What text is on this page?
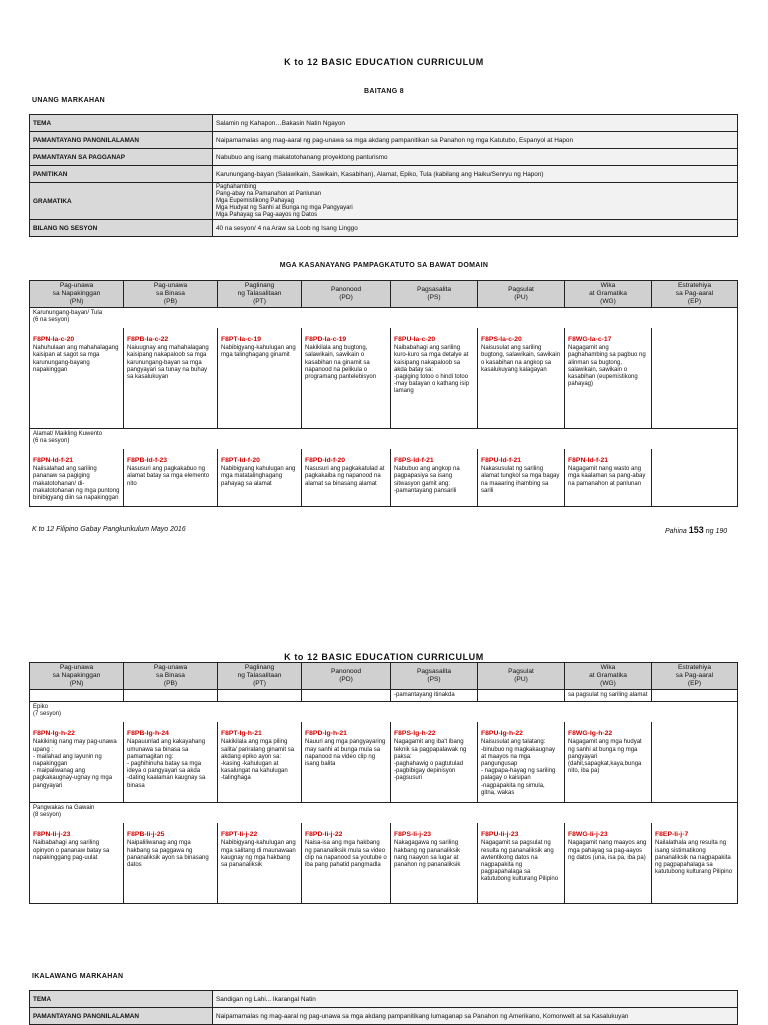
K to 12 BASIC EDUCATION CURRICULUM
BAITANG 8
UNANG MARKAHAN
TEMA	Salamin ng Kahapon…Bakasin Natin Ngayon
PAMANTAYANG PANGNILALAMAN	Naipamamalas ang mag-aaral ng pag-unawa sa mga akdang pampanitikan sa Panahon ng mga Katutubo, Espanyol at Hapon
PAMANTAYAN SA PAGGANAP	Nabubuo ang isang makatotohanang proyektong panturismo
PANITIKAN	Karunungang-bayan (Salawikain, Sawikain, Kasabihan), Alamat, Epiko, Tula (kabilang ang Haiku/Senryu ng Hapon)
GRAMATIKA	Paghahambing
Pang-abay na Pamanahon at Panlunan
Mga Eupemistikong Pahayag
Mga Hudyat ng Sanhi at Bunga ng mga Pangyayari
Mga Pahayag sa Pag-aayos ng Datos
BILANG NG SESYON	40 na sesyon/ 4 na Araw sa Loob ng Isang Linggo
MGA KASANAYANG PAMPAGKATUTO SA BAWAT DOMAIN
Pag-unawa
sa Napakinggan
(PN)	Pag-unawa
sa Binasa
(PB)	Paglinang
ng Talasalitaan
(PT)	Panonood
(PD)	Pagsasalita
(PS)	Pagsulat
(PU)	Wika
at Gramatika
(WG)	Estratehiya
sa Pag-aaral
(EP)

Karunungang-bayan/ Tula
(6 na sesyon)							

F8PN-Ia-c-20
Nahuhulaan ang mahahalagang kaisipan at sagot sa mga karunungang-bayang napakinggan	F8PB-Ia-c-22
Naiuugnay ang mahahalagang kaisipang nakapaloob sa mga karunungang-bayan sa mga pangyayari sa tunay na buhay sa kasalukuyan	F8PT-Ia-c-19
Nabibigyang-kahulugan ang mga talinghagang ginamit	F8PD-Ia-c-19
Nakikilala ang bugtong, salawikain, sawikain o kasabihan na ginamit sa napanood na pelikula o programang pantelebisyon	F8PU-Ia-c-20
Naibabahagi ang sariling kuro-kuro sa mga detalye at kaisipang nakapaloob sa akda batay sa:
-pagiging totoo o hindi totoo
-may batayan o kathang isip lamang	F8PS-Ia-c-20
Naisusulat ang sariling bugtong, salawikain, sawikain o kasabihan na angkop sa kasalukuyang kalagayan	F8WG-Ia-c-17
Nagagamit ang paghahambing sa pagbuo ng alinman sa bugtong, salawikain, sawikain o kasabihan (eupemistikong pahayag)	

Alamat/ Maikling Kuwento
(6 na sesyon)							

F8PN-Id-f-21
Naiisalahad ang sariling pananaw sa pagiging makatotohanan/ di-makatotohanan ng mga puntong binibigyang diin sa napakinggan	F8PB-Id-f-23
Nasusuri ang pagkakabuo ng alamat batay sa mga elemento nito	F8PT-Id-f-20
Nabibigyang kahulugan ang mga matatalinghagang pahayag sa alamat	F8PD-Id-f-20
Nasusuri ang pagkakatulad at pagkakaiba ng napanood na alamat sa binasang alamat	F8PS-Id-f-21
Nabubuo ang angkop na pagpapasiya sa isang sitwasyon gamit ang:
-pamantayang pansarili	F8PU-Id-f-21
Nakasusulat ng sariling alamat tungkol sa mga bagay na maaaring ihambing sa sarili	F8PN-Id-f-21
Nagagamit nang wasto ang mga kaalaman sa pang-abay na pamanahon at panlunan	

K to 12 Filipino Gabay Pangkurikulum Mayo 2016	Pahina 153 ng 190
K to 12 BASIC EDUCATION CURRICULUM
Pag-unawa
sa Napakinggan
(PN)	Pag-unawa
sa Binasa
(PB)	Paglinang
ng Talasalitaan
(PT)	Panonood
(PD)	Pagsasalita
(PS)	Pagsulat
(PU)	Wika
at Gramatika
(WG)	Estratehiya
sa Pag-aaral
(EP)
				-pamantayang itinakda		sa pagsulat ng sariling alamat	

Epiko
(7 sesyon)							

F8PN-Ig-h-22
Nakikinig nang may pag-unawa upang :
- mailahad ang layunin ng napakinggan
- maipaliwanag ang pagkakaugnay-ugnay ng mga pangyayari	F8PB-Ig-h-24
Napauunlad ang kakayahang umunawa sa binasa sa pamamagitan ng:
- paghihinuha batay sa mga ideya o pangyayari sa akda
-dating kaalaman kaugnay sa binasa	F8PT-Ig-h-21
Nakikilala ang mga piling salita/ pariralang ginamit sa akdang epiko ayon sa:
-kasing -kahulugan at kasalungat na kahulugan
-talinghaga	F8PD-Ig-h-21
Nauuri ang mga pangyayaring may sanhi at bunga mula sa napanood na video clip ng isang balita	F8PS-Ig-h-22
Nagagamit ang iba't ibang teknik sa pagpapalawak ng paksa:
-paghahawig o pagtutulad
-pagbibigay depinisyon
-pagsusuri	F8PU-Ig-h-22
Naisusulat ang talatang:
-binubuo ng magkakaugnay at maayos na mga pangungusap
- nagpapa-hayag ng sariling palagay o kaisipan
-nagpapakita ng simula, gitna, wakas	F8WG-Ig-h-22
Nagagamit ang mga hudyat ng sanhi at bunga ng mga pangyayari (dahil,sapagkat,kaya,bunga nito, iba pa)	

Pangwakas na Gawain
(8 sesyon)							

F8PN-Ii-j-23
Naibabahagi ang sariling opinyon o pananaw batay sa napakinggang pag-uulat	F8PB-Ii-j-25
Naipaliliwanag ang mga hakbang sa paggawa ng pananaliksik ayon sa binasang datos	F8PT-Ii-j-22
Nabibigyang-kahulugan ang mga salitang di maunawaan kaugnay ng mga hakbang sa pananaliksik	F8PD-Ii-j-22
Naisa-isa ang mga hakbang ng pananaliksik mula sa video clip na napanood sa youtube o iba pang pahatid pangmadla	F8PS-Ii-j-23
Nakagagawa ng sariling hakbang ng pananaliksik nang naayon sa lugar at panahon ng pananaliksik	F8PU-Ii-j-23
Nagagamit sa pagsulat ng resulta ng pananaliksik ang awtentikong datos na nagpapakita ng pagpapahalaga sa katutubong kulturang Pilipino	F8WG-Ii-j-23
Nagagamit nang maayos ang mga pahayag sa pag-aayos ng datos (una, isa pa, iba pa)	F8EP-Ii-j-7
Nailalathala ang resulta ng isang sistimatikong pananaliksik na nagpapakita ng pagpapahalaga sa katutubong kulturang Pilipino
IKALAWANG MARKAHAN
TEMA	Sandigan ng Lahi... Ikarangal Natin
PAMANTAYANG PANGNILALAMAN	Naipamamalas ng mag-aaral ng pag-unawa sa mga akdang pampanitikang lumaganap sa Panahon ng Amerikano, Komonwelt at sa Kasalukuyan
